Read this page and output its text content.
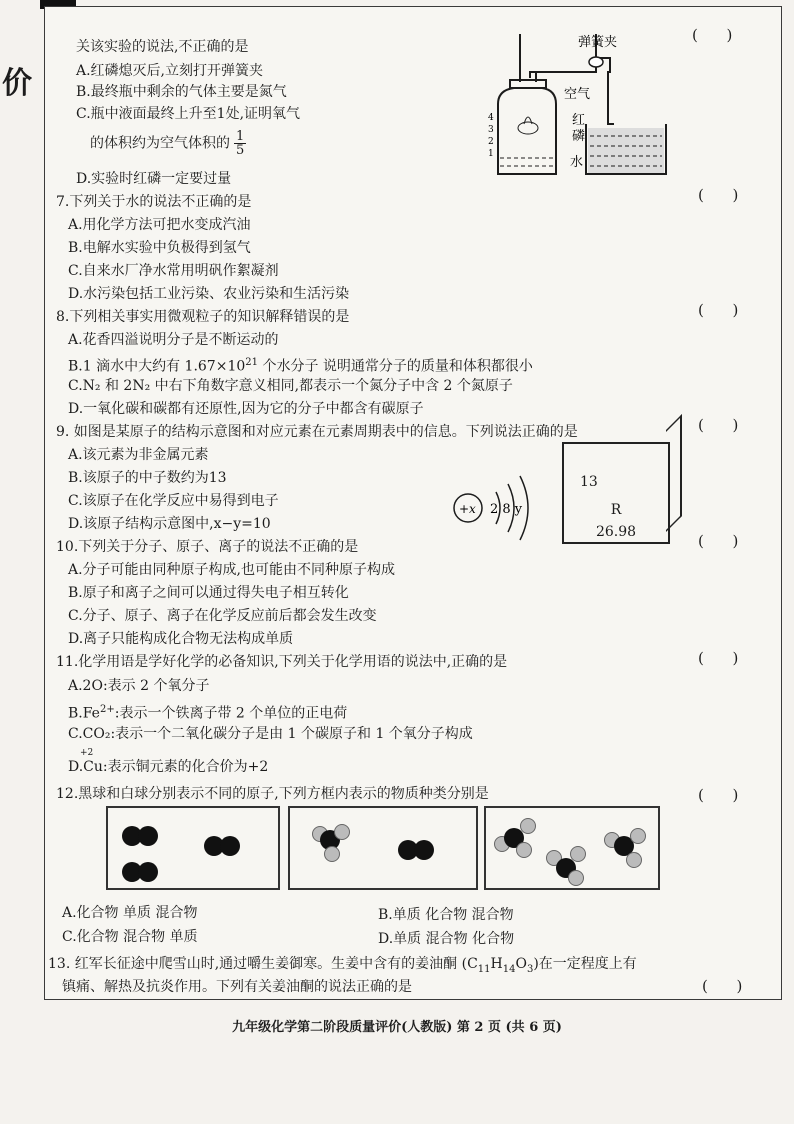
价
关该实验的说法,不正确的是
A.红磷熄灭后,立刻打开弹簧夹
B.最终瓶中剩余的气体主要是氮气
C.瓶中液面最终上升至1处,证明氧气
的体积约为空气体积的 $\frac{1}{5}$
D.实验时红磷一定要过量
(      )
弹簧夹
空气
红
磷
水
4
3
2
1
7.下列关于水的说法不正确的是	(      )
A.用化学方法可把水变成汽油
B.电解水实验中负极得到氢气
C.自来水厂净水常用明矾作絮凝剂
D.水污染包括工业污染、农业污染和生活污染
8.下列相关事实用微观粒子的知识解释错误的是	(      )
A.花香四溢说明分子是不断运动的
B.1 滴水中大约有 $1.67\times 10^{21}$ 个水分子 说明通常分子的质量和体积都很小
C.N₂ 和 2N₂ 中右下角数字意义相同,都表示一个氮分子中含 2 个氮原子
D.一氧化碳和碳都有还原性,因为它的分子中都含有碳原子
9. 如图是某原子的结构示意图和对应元素在元素周期表中的信息。下列说法正确的是	(      )
A.该元素为非金属元素
B.该原子的中子数约为13
C.该原子在化学反应中易得到电子
D.该原子结构示意图中,x−y=10
+x 2 8 y
13
R
26.98
10.下列关于分子、原子、离子的说法不正确的是	(      )
A.分子可能由同种原子构成,也可能由不同种原子构成
B.原子和离子之间可以通过得失电子相互转化
C.分子、原子、离子在化学反应前后都会发生改变
D.离子只能构成化合物无法构成单质
11.化学用语是学好化学的必备知识,下列关于化学用语的说法中,正确的是	(      )
A.2O:表示 2 个氧分子
$B.Fe^{2+}$:表示一个铁离子带 2 个单位的正电荷
C.CO₂:表示一个二氧化碳分子是由 1 个碳原子和 1 个氧分子构成
+2
D.Cu:表示铜元素的化合价为+2
12.黑球和白球分别表示不同的原子,下列方框内表示的物质种类分别是	(      )
A.化合物 单质 混合物	B.单质 化合物 混合物
C.化合物 混合物 单质	D.单质 混合物 化合物
13. 红军长征途中爬雪山时,通过嚼生姜御寒。生姜中含有的姜油酮 $(C_{11}H_{14}O_3)$在一定程度上有
镇痛、解热及抗炎作用。下列有关姜油酮的说法正确的是	(      )
九年级化学第二阶段质量评价(人教版) 第 2 页 (共 6 页)
